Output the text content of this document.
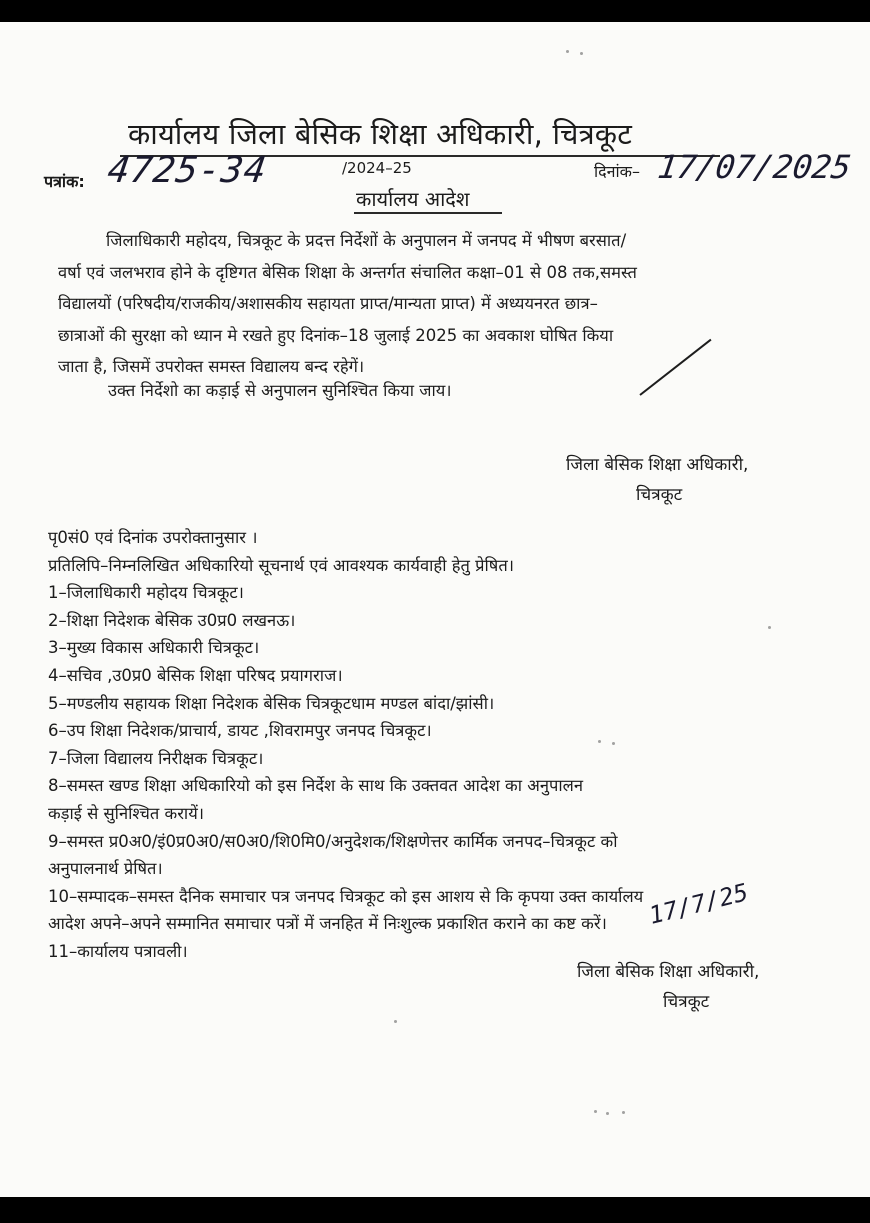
कार्यालय जिला बेसिक शिक्षा अधिकारी, चित्रकूट
पत्रांक: 4725-34	/2024–25	दिनांक– 17/07/2025
कार्यालय आदेश
जिलाधिकारी महोदय, चित्रकूट के प्रदत्त निर्देशों के अनुपालन में जनपद में भीषण बरसात/
वर्षा एवं जलभराव होने के दृष्टिगत बेसिक शिक्षा के अन्तर्गत संचालित कक्षा–01 से 08 तक,समस्त
विद्यालयों (परिषदीय/राजकीय/अशासकीय सहायता प्राप्त/मान्यता प्राप्त) में अध्ययनरत छात्र–
छात्राओं की सुरक्षा को ध्यान मे रखते हुए दिनांक–18 जुलाई 2025 का अवकाश घोषित किया
जाता है, जिसमें उपरोक्त समस्त विद्यालय बन्द रहेगें।
उक्त निर्देशो का कड़ाई से अनुपालन सुनिश्चित किया जाय।
जिला बेसिक शिक्षा अधिकारी,
चित्रकूट
पृ0सं0 एवं दिनांक उपरोक्तानुसार ।
प्रतिलिपि–निम्नलिखित अधिकारियो सूचनार्थ एवं आवश्यक कार्यवाही हेतु प्रेषित।
1–जिलाधिकारी महोदय चित्रकूट।
2–शिक्षा निदेशक बेसिक उ0प्र0 लखनऊ।
3–मुख्य विकास अधिकारी चित्रकूट।
4–सचिव ,उ0प्र0 बेसिक शिक्षा परिषद प्रयागराज।
5–मण्डलीय सहायक शिक्षा निदेशक बेसिक चित्रकूटधाम मण्डल बांदा/झांसी।
6–उप शिक्षा निदेशक/प्राचार्य, डायट ,शिवरामपुर जनपद चित्रकूट।
7–जिला विद्यालय निरीक्षक चित्रकूट।
8–समस्त खण्ड शिक्षा अधिकारियो को इस निर्देश के साथ कि उक्तवत आदेश का अनुपालन
कड़ाई से सुनिश्चित करायें।
9–समस्त प्र0अ0/इं0प्र0अ0/स0अ0/शि0मि0/अनुदेशक/शिक्षणेत्तर कार्मिक जनपद–चित्रकूट को
अनुपालनार्थ प्रेषित।
10–सम्पादक–समस्त दैनिक समाचार पत्र जनपद चित्रकूट को इस आशय से कि कृपया उक्त कार्यालय
आदेश अपने–अपने सम्मानित समाचार पत्रों में जनहित में निःशुल्क प्रकाशित कराने का कष्ट करें।
11–कार्यालय पत्रावली।
17/7/25
जिला बेसिक शिक्षा अधिकारी,
चित्रकूट
